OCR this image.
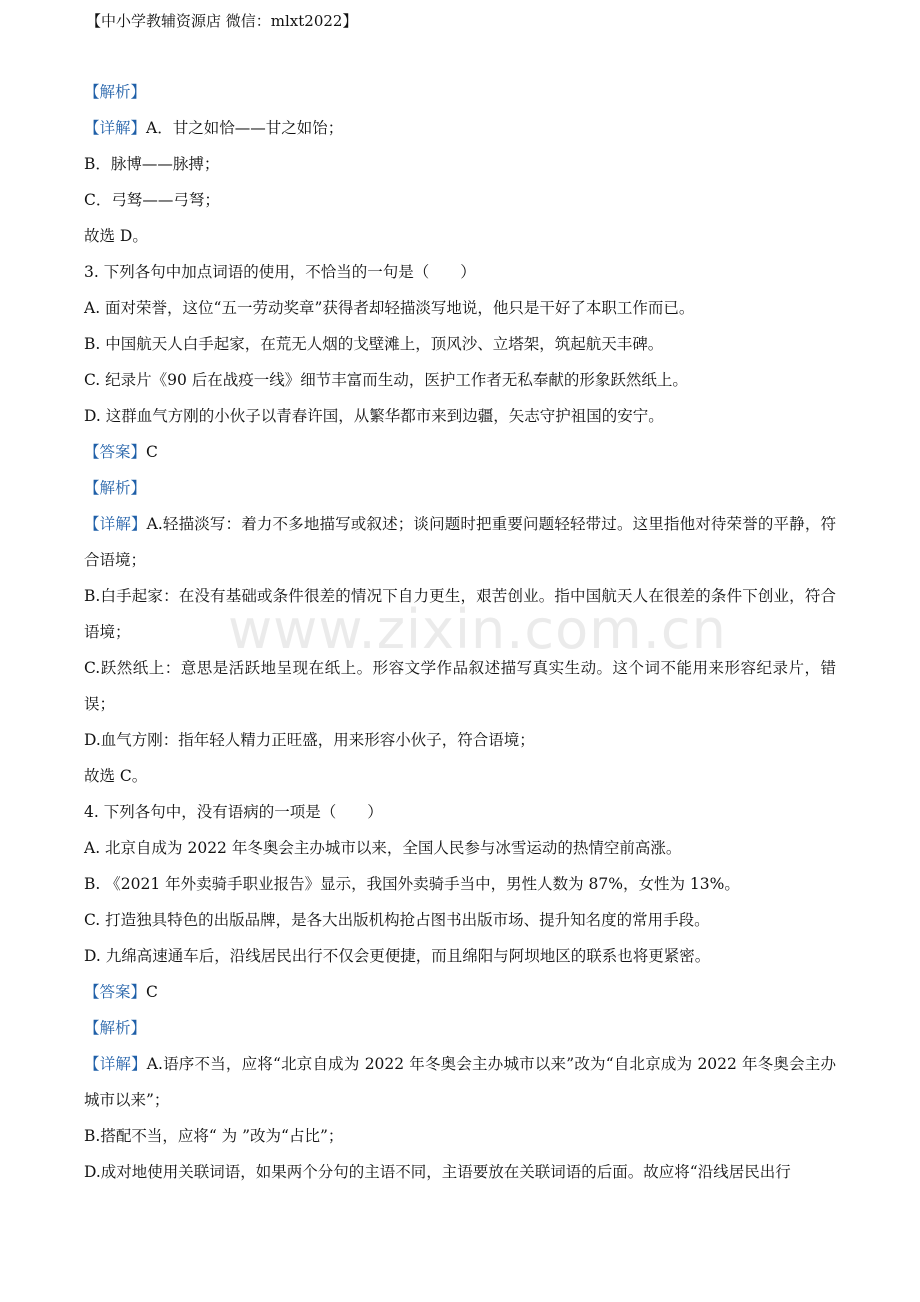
【中小学教辅资源店 微信：mlxt2022】
www.zixin.com.cn

【解析】

【详解】A．甘之如恰——甘之如饴；

B．脉博——脉搏；

C．弓驽——弓弩；

故选 D。

3. 下列各句中加点词语的使用，不恰当的一句是（　　）

A. 面对荣誉，这位“五一劳动奖章”获得者却轻描淡写地说，他只是干好了本职工作而已。

B. 中国航天人白手起家，在荒无人烟的戈壁滩上，顶风沙、立塔架，筑起航天丰碑。

C. 纪录片《90 后在战疫一线》细节丰富而生动，医护工作者无私奉献的形象跃然纸上。

D. 这群血气方刚的小伙子以青春许国，从繁华都市来到边疆，矢志守护祖国的安宁。

【答案】C

【解析】

【详解】A.轻描淡写：着力不多地描写或叙述；谈问题时把重要问题轻轻带过。这里指他对待荣誉的平静，符合语境；

B.白手起家：在没有基础或条件很差的情况下自力更生，艰苦创业。指中国航天人在很差的条件下创业，符合语境；

C.跃然纸上：意思是活跃地呈现在纸上。形容文学作品叙述描写真实生动。这个词不能用来形容纪录片，错误；

D.血气方刚：指年轻人精力正旺盛，用来形容小伙子，符合语境；

故选 C。

4. 下列各句中，没有语病的一项是（　　）

A. 北京自成为 2022 年冬奥会主办城市以来，全国人民参与冰雪运动的热情空前高涨。

B. 《2021 年外卖骑手职业报告》显示，我国外卖骑手当中，男性人数为 87%，女性为 13%。

C. 打造独具特色的出版品牌，是各大出版机构抢占图书出版市场、提升知名度的常用手段。

D. 九绵高速通车后，沿线居民出行不仅会更便捷，而且绵阳与阿坝地区的联系也将更紧密。

【答案】C

【解析】

【详解】A.语序不当，应将“北京自成为 2022 年冬奥会主办城市以来”改为“自北京成为 2022 年冬奥会主办城市以来”；

B.搭配不当，应将“ 为 ”改为“占比”；

D.成对地使用关联词语，如果两个分句的主语不同，主语要放在关联词语的后面。故应将“沿线居民出行
